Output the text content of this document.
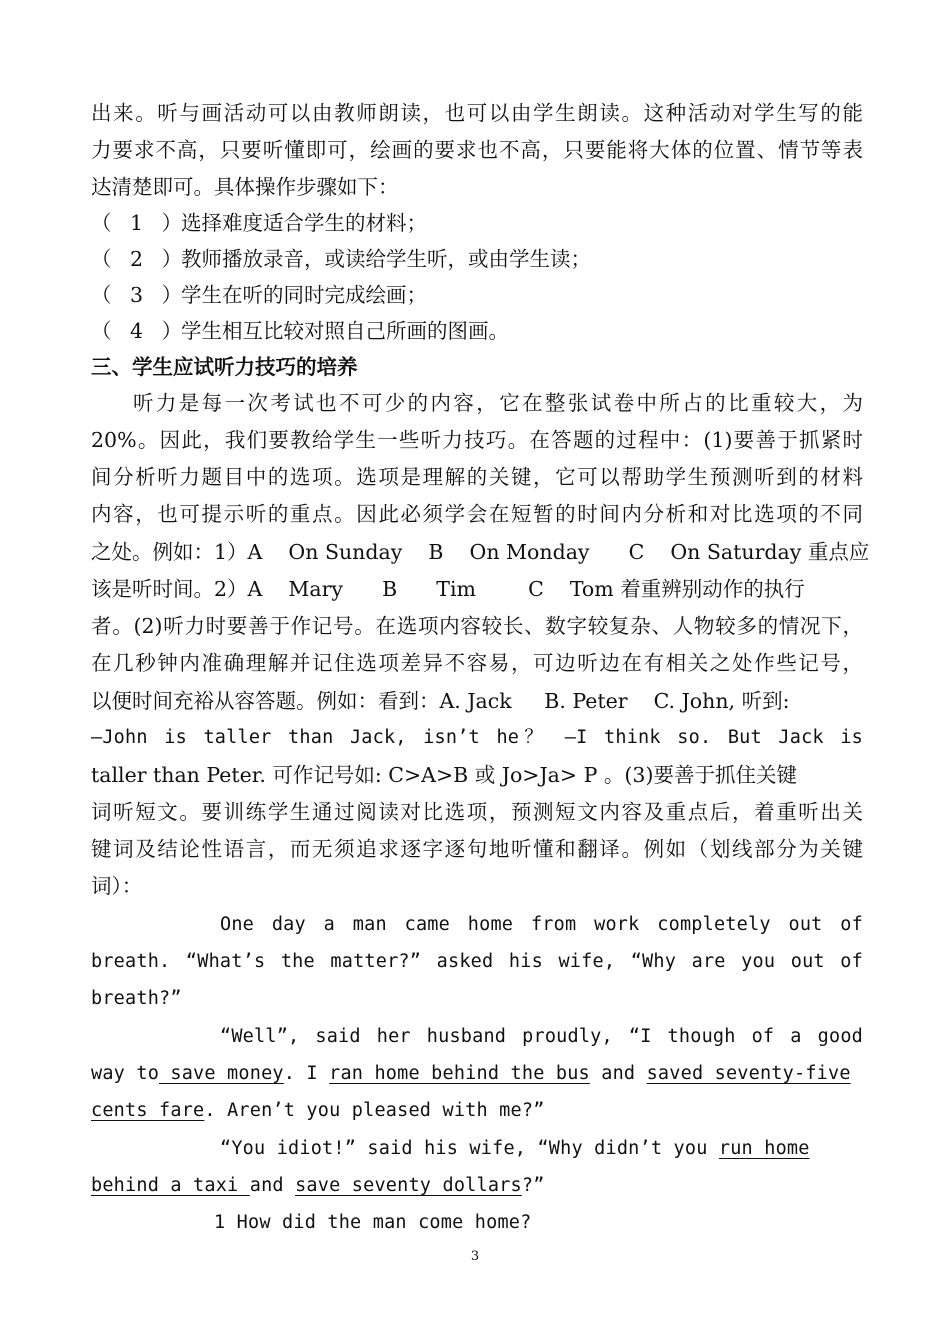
出来。听与画活动可以由教师朗读，也可以由学生朗读。这种活动对学生写的能
力要求不高，只要听懂即可，绘画的要求也不高，只要能将大体的位置、情节等表
达清楚即可。具体操作步骤如下：
（ 1 ）选择难度适合学生的材料；
（ 2 ）教师播放录音，或读给学生听，或由学生读；
（ 3 ）学生在听的同时完成绘画；
（ 4 ）学生相互比较对照自己所画的图画。
三、学生应试听力技巧的培养
听力是每一次考试也不可少的内容，它在整张试卷中所占的比重较大，为
20%。因此，我们要教给学生一些听力技巧。在答题的过程中：(1)要善于抓紧时
间分析听力题目中的选项。选项是理解的关键，它可以帮助学生预测听到的材料
内容，也可提示听的重点。因此必须学会在短暂的时间内分析和对比选项的不同
之处。例如：1）A    On Sunday    B    On Monday      C    On Saturday 重点应
该是听时间。2）A    Mary      B      Tim        C    Tom 着重辨别动作的执行
者。(2)听力时要善于作记号。在选项内容较长、数字较复杂、人物较多的情况下，
在几秒钟内准确理解并记住选项差异不容易，可边听边在有相关之处作些记号，
以便时间充裕从容答题。例如：看到：A. Jack     B. Peter    C. John, 听到:
—John is taller than Jack, isn’t he？ —I think so. But Jack is
taller than Peter. 可作记号如: C>A>B 或 Jo>Ja> P 。(3)要善于抓住关键
词听短文。要训练学生通过阅读对比选项，预测短文内容及重点后，着重听出关
键词及结论性语言，而无须追求逐字逐句地听懂和翻译。例如（划线部分为关键
词）：
One day a man came home from work completely out of
breath. “What’s the matter?” asked his wife, “Why are you out of
breath?”
“Well”, said her husband proudly, “I though of a good
way to save money. I ran home behind the bus and saved seventy-five
cents fare. Aren’t you pleased with me?”
“You idiot!” said his wife, “Why didn’t you run home
behind a taxi and save seventy dollars?”
1 How did the man come home?
3
